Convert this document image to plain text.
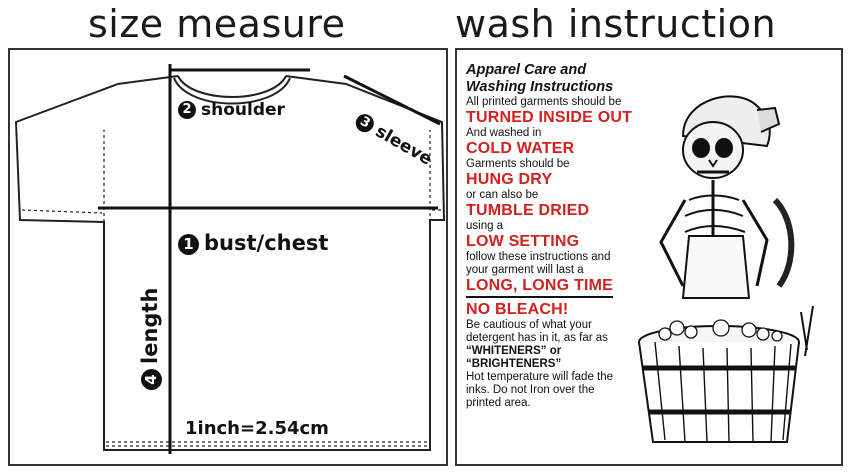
size measure	wash instruction
2 shoulder
3sleeve
1 bust/chest
4length
1inch=2.54cm
Apparel Care and
Washing Instructions
All printed garments should be
TURNED INSIDE OUT
And washed in
COLD WATER
Garments should be
HUNG DRY
or can also be
TUMBLE DRIED
using a
LOW SETTING
follow these instructions and
your garment will last a
LONG, LONG TIME
NO BLEACH!
Be cautious of what your
detergent has in it, as far as
“WHITENERS” or
“BRIGHTENERS”
Hot temperature will fade the
inks. Do not Iron over the
printed area.
